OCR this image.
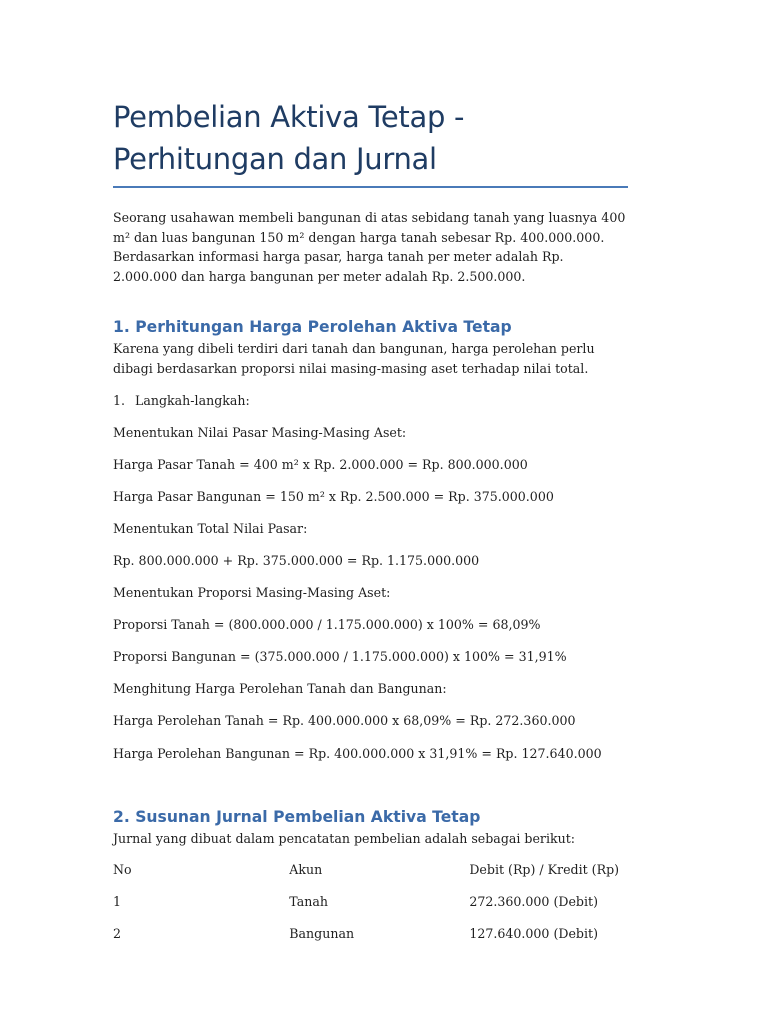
Pembelian Aktiva Tetap - Perhitungan dan Jurnal

Seorang usahawan membeli bangunan di atas sebidang tanah yang luasnya 400 m² dan luas bangunan 150 m² dengan harga tanah sebesar Rp. 400.000.000. Berdasarkan informasi harga pasar, harga tanah per meter adalah Rp. 2.000.000 dan harga bangunan per meter adalah Rp. 2.500.000.

1. Perhitungan Harga Perolehan Aktiva Tetap

Karena yang dibeli terdiri dari tanah dan bangunan, harga perolehan perlu dibagi berdasarkan proporsi nilai masing-masing aset terhadap nilai total.

1. Langkah-langkah:

Menentukan Nilai Pasar Masing-Masing Aset:

Harga Pasar Tanah = 400 m² x Rp. 2.000.000 = Rp. 800.000.000

Harga Pasar Bangunan = 150 m² x Rp. 2.500.000 = Rp. 375.000.000

Menentukan Total Nilai Pasar:

Rp. 800.000.000 + Rp. 375.000.000 = Rp. 1.175.000.000

Menentukan Proporsi Masing-Masing Aset:

Proporsi Tanah = (800.000.000 / 1.175.000.000) x 100% = 68,09%

Proporsi Bangunan = (375.000.000 / 1.175.000.000) x 100% = 31,91%

Menghitung Harga Perolehan Tanah dan Bangunan:

Harga Perolehan Tanah = Rp. 400.000.000 x 68,09% = Rp. 272.360.000

Harga Perolehan Bangunan = Rp. 400.000.000 x 31,91% = Rp. 127.640.000

2. Susunan Jurnal Pembelian Aktiva Tetap

Jurnal yang dibuat dalam pencatatan pembelian adalah sebagai berikut:

No	Akun	Debit (Rp) / Kredit (Rp)
1	Tanah	272.360.000 (Debit)
2	Bangunan	127.640.000 (Debit)
